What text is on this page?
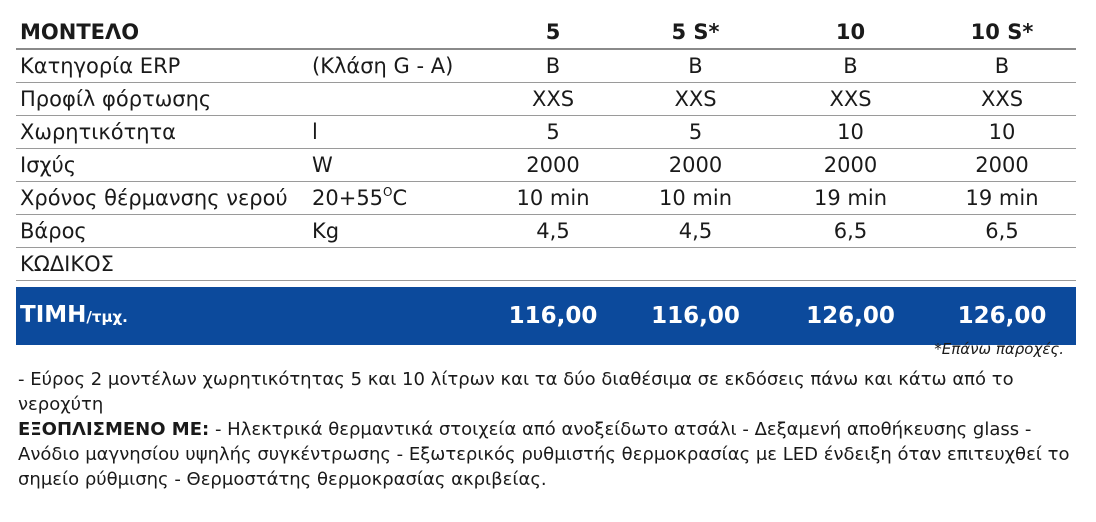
ΜΟΝΤΕΛΟ		5	5 S*	10	10 S*
Κατηγορία ERP	(Κλάση G - A)	B	B	B	B
Προφίλ φόρτωσης		XXS	XXS	XXS	XXS
Χωρητικότητα	l	5	5	10	10
Ισχύς	W	2000	2000	2000	2000
Χρόνος θέρμανσης νερού	$20+55^OC$	10 min	10 min	19 min	19 min
Βάρος	Kg	4,5	4,5	6,5	6,5
ΚΩΔΙΚΟΣ					

ΤΙΜΗ/τμχ.		116,00	116,00	126,00	126,00
*Επάνω παροχές.

- Εύρος 2 μοντέλων χωρητικότητας 5 και 10 λίτρων και τα δύο διαθέσιμα σε εκδόσεις πάνω και κάτω από το νεροχύτη

ΕΞΟΠΛΙΣΜΕΝΟ ΜΕ: - Ηλεκτρικά θερμαντικά στοιχεία από ανοξείδωτο ατσάλι - Δεξαμενή αποθήκευσης glass - Ανόδιο μαγνησίου υψηλής συγκέντρωσης - Εξωτερικός ρυθμιστής θερμοκρασίας με LED ένδειξη όταν επιτευχθεί το σημείο ρύθμισης - Θερμοστάτης θερμοκρασίας ακριβείας.
